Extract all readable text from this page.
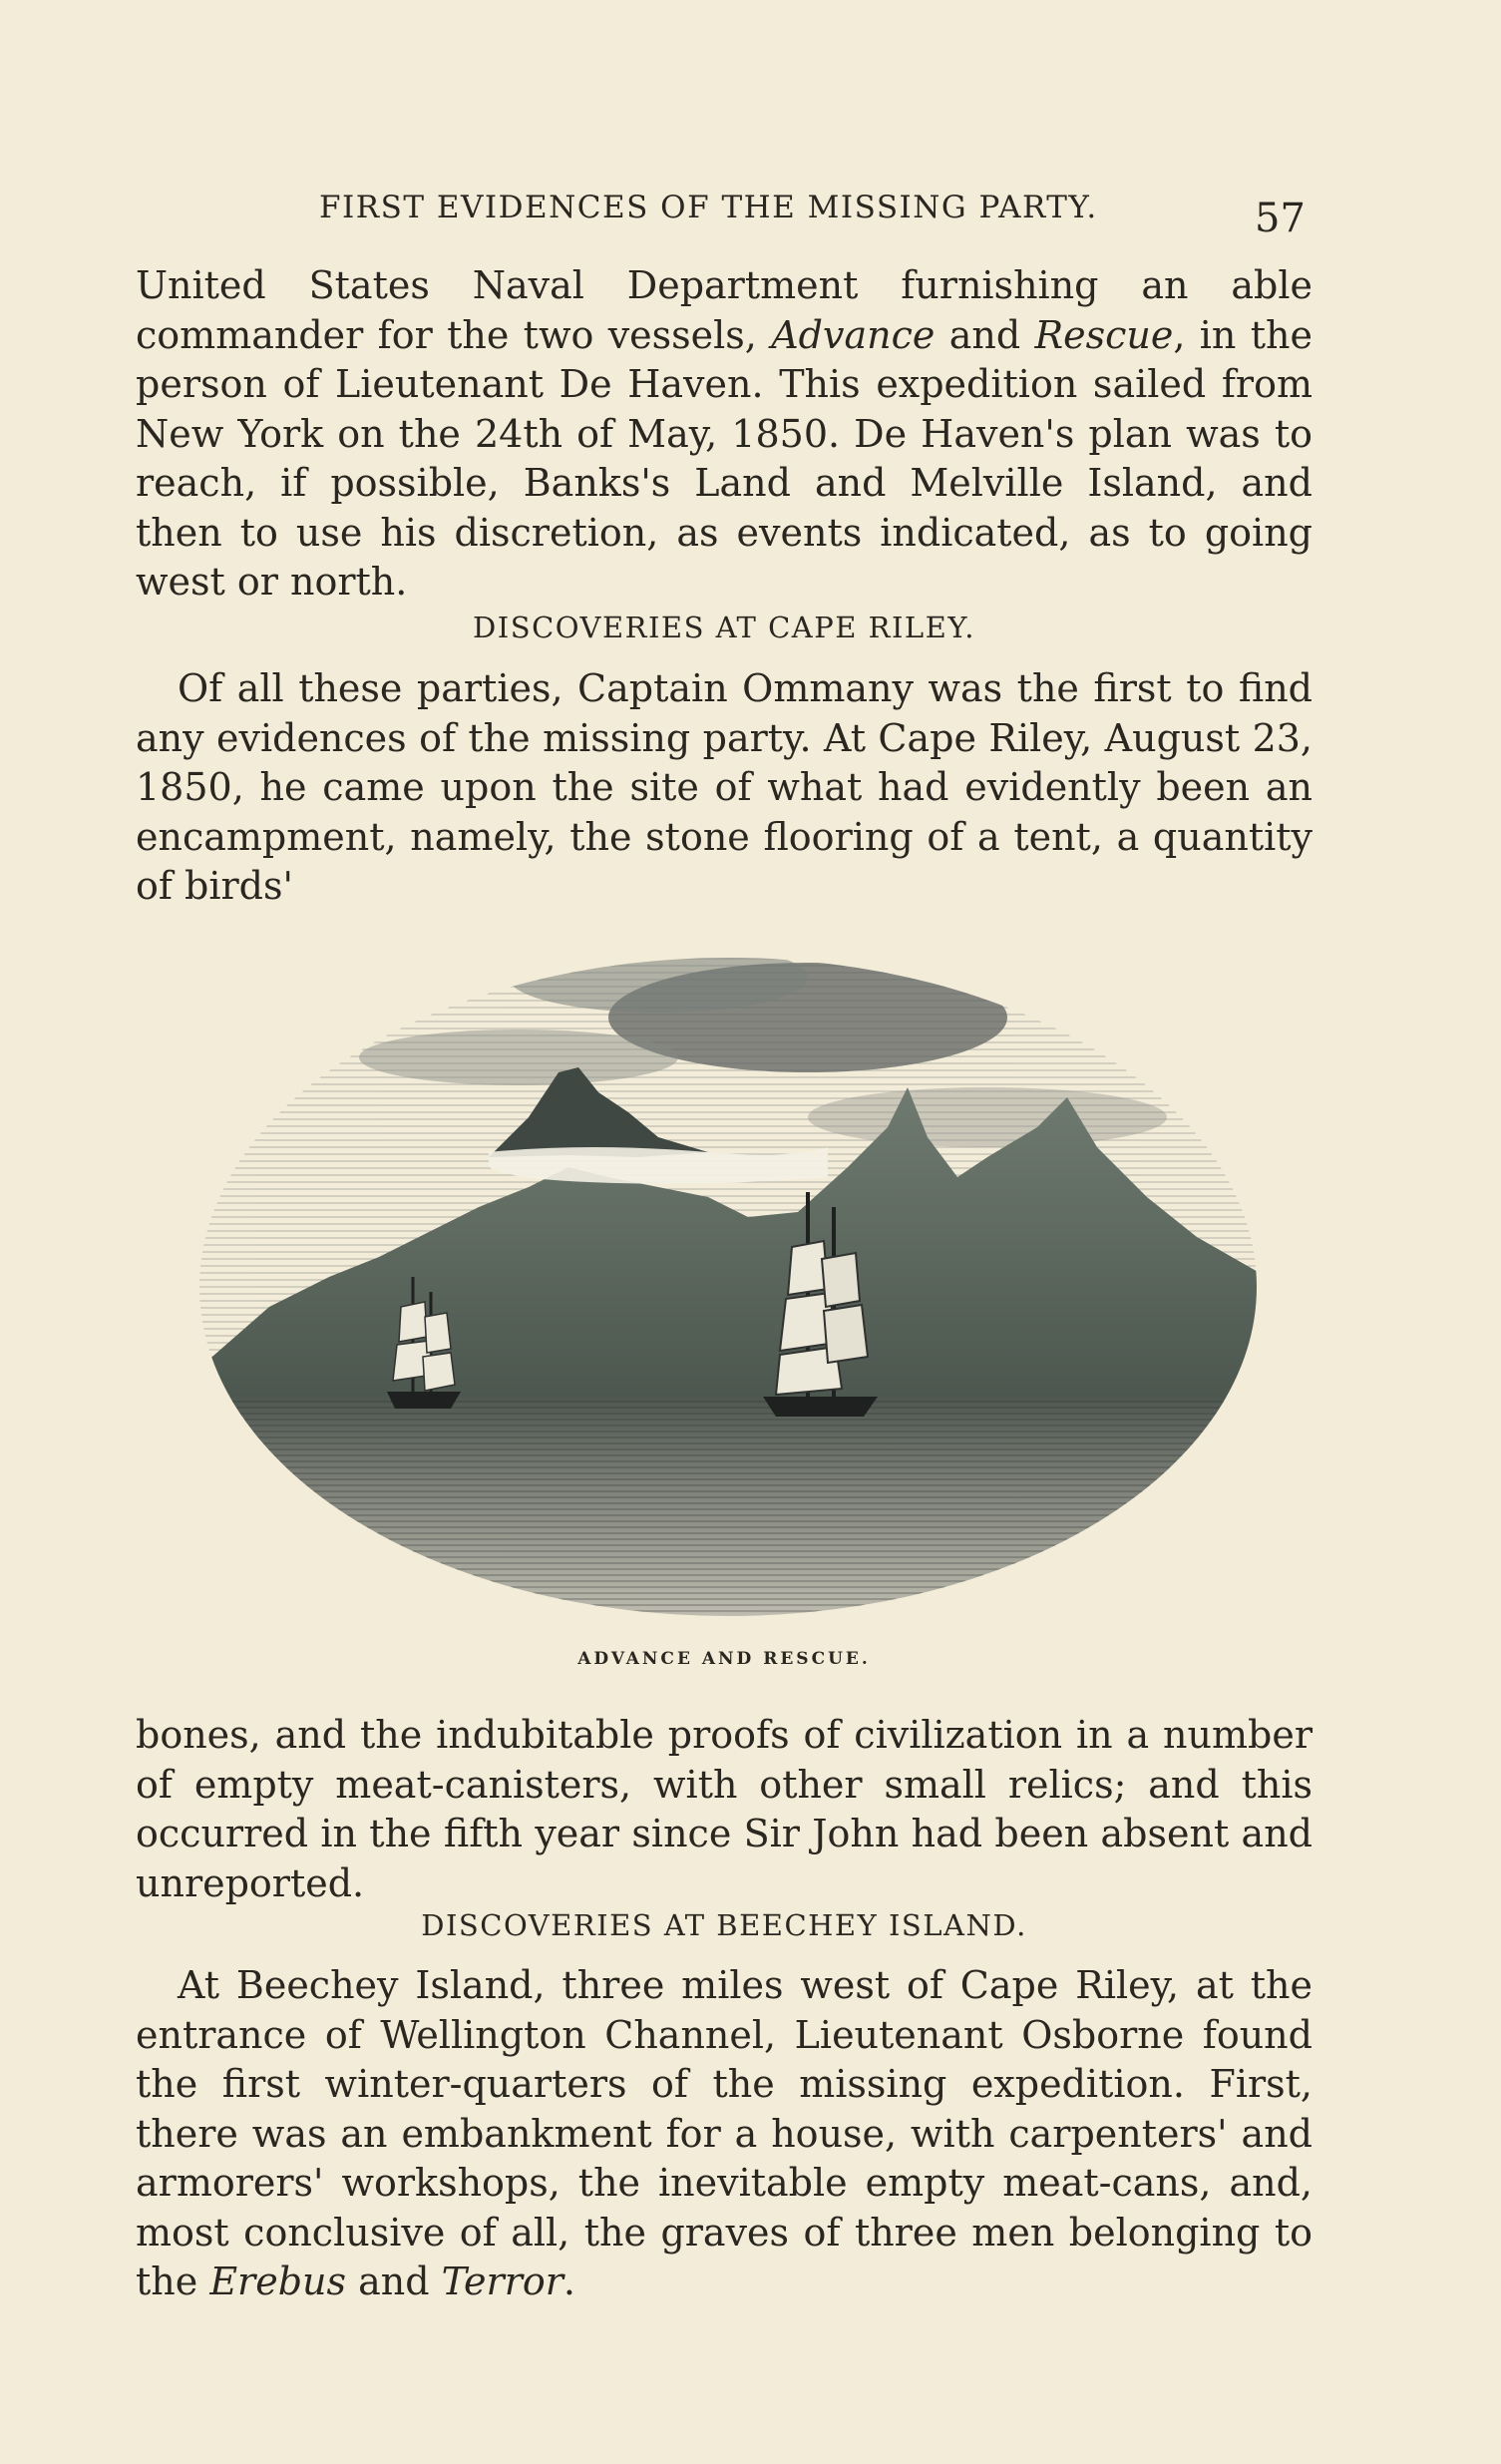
FIRST EVIDENCES OF THE MISSING PARTY.	57

United States Naval Department furnishing an able commander for the two vessels, Advance and Rescue, in the person of Lieutenant De Haven. This expedition sailed from New York on the 24th of May, 1850. De Haven's plan was to reach, if possible, Banks's Land and Melville Island, and then to use his discretion, as events indicated, as to going west or north.

DISCOVERIES AT CAPE RILEY.

Of all these parties, Captain Ommany was the first to find any evidences of the missing party. At Cape Riley, August 23, 1850, he came upon the site of what had evidently been an encampment, namely, the stone flooring of a tent, a quantity of birds'

ADVANCE AND RESCUE.

bones, and the indubitable proofs of civilization in a number of empty meat-canisters, with other small relics; and this occurred in the fifth year since Sir John had been absent and unreported.

DISCOVERIES AT BEECHEY ISLAND.

At Beechey Island, three miles west of Cape Riley, at the entrance of Wellington Channel, Lieutenant Osborne found the first winter-quarters of the missing expedition. First, there was an embankment for a house, with carpenters' and armorers' workshops, the inevitable empty meat-cans, and, most conclusive of all, the graves of three men belonging to the Erebus and Terror.
